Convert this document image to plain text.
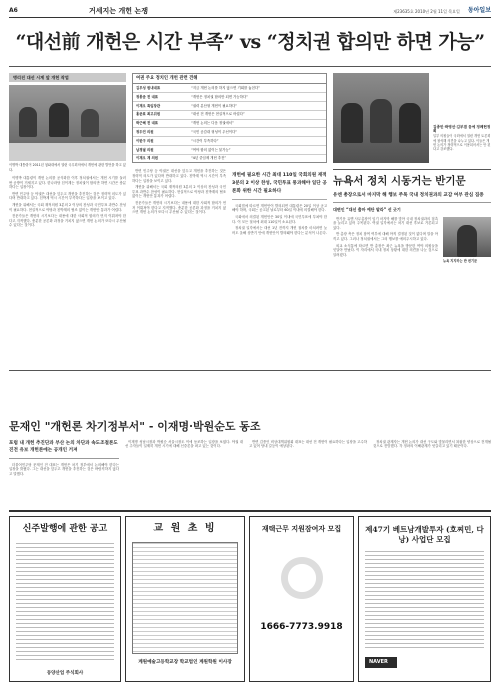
A6	거세지는 개헌 논쟁	제23635호 2010년 2월 11일 목요일 동아일보
“대선前 개헌은 시간 부족” vs “정치권 합의만 하면 가능”
병리진 대선 시계 앞 개헌 작업
이명박 대통령이 2011년 청와대에서 열린 국무회의에서 개헌에 관한 발언을 하고 있다.

이명박 대통령이 개헌 논의를 공식화한 이후 정치권에서는 개헌 시기를 둘러싼 공방이 거세지고 있다. 한나라당 친이계는 정치권이 합의만 하면 시간은 충분하다는 입장이다.

반면 민주당 등 야권은 대선을 앞두고 개헌을 추진하는 것은 정략적 의도가 있다며 반대하고 있다. 친박계 역시 시간이 부족하다는 입장을 보이고 있다.

개헌을 위해서는 국회 재적의원 3분의 2 이상의 찬성과 국민투표 과반수 찬성이 필요하다. 현실적으로 야당과 친박계의 협조 없이는 개헌안 통과가 어렵다.

전문가들은 개헌의 시기보다는 내용에 대한 사회적 합의가 먼저 이뤄져야 한다고 지적했다. 충분한 공론화 과정을 거치지 않으면 개헌 논의가 또다시 무산될 수 있다는 것이다.

여권 주요 정치인 개헌 관련 견해
김무성 원내대표	“지금 개헌 논의를 하지 않으면 기회를 놓친다”
정몽준 전 대표	“개헌은 정치권 합의만 되면 가능하다”
이재오 특임장관	“권력 분산형 개헌이 필요하다”
홍준표 최고위원	“대선 전 개헌은 현실적으로 어렵다”
박근혜 전 대표	“개헌 논의는 다음 정권에서”
정두언 의원	“국민 공감대 형성이 우선이다”
이한구 의원	“시간이 부족하다”
남경필 의원	“여야 합의 없이는 불가능”
이재오 계 의원	“4년 중임제 개헌 추진”

반면 민주당 등 야권은 대선을 앞두고 개헌을 추진하는 것은 정략적 의도가 있다며 반대하고 있다. 친박계 역시 시간이 부족하다는 입장을 보이고 있다.

개헌을 위해서는 국회 재적의원 3분의 2 이상의 찬성과 국민투표 과반수 찬성이 필요하다. 현실적으로 야당과 친박계의 협조 없이는 개헌안 통과가 어렵다.

전문가들은 개헌의 시기보다는 내용에 대한 사회적 합의가 먼저 이뤄져야 한다고 지적했다. 충분한 공론화 과정을 거치지 않으면 개헌 논의가 또다시 무산될 수 있다는 것이다.

개헌에 필요한 시간 최대 110일 국회의원 재적 3분의 2 이상 찬성, 국민투표 통과해야 일단 공론화 위한 시간 필요하다

국회법에 따르면 개헌안이 발의되면 대통령은 20일 이상 공고해야 하며, 국회는 공고된 날로부터 60일 이내에 의결해야 한다.

국회에서 의결된 개헌안은 30일 이내에 국민투표에 부쳐야 한다. 이 모든 절차에 최대 110일이 소요된다.

정치권 일각에서는 대선 1년 전까지 개헌 절차를 마치려면 늦어도 올해 상반기 안에 개헌안이 발의돼야 한다는 분석이 나온다.

김종민·박영선·김부겸 등에 정례헌정회
일부 의원들이 국회에서 열린 개헌 토론회에 참석해 의견을 나누고 있다. 이들은 개헌 논의가 정략적으로 이용되어서는 안 된다고 강조했다.
뉴욕서 정치 시동거는 반기문
유엔 총장으로서 마지막 해 행보 주목 국내 정치권과의 교감 여부 관심 집중
대변인 “대선 출마 예단 말라” 선 긋기

반기문 유엔 사무총장이 임기 마지막 해를 맞아 국내 정치권과의 접촉을 늘리고 있어 주목된다. 여권 일각에서는 차기 대선 후보로 거론되고 있다.

반 총장 측은 정치 참여 여부에 대해 아직 결정된 것이 없다며 말을 아끼고 있다. 그러나 정치권에서는 그의 행보를 예의주시하고 있다.

외교 소식통에 따르면 반 총장은 최근 뉴욕을 방문한 여야 의원들을 잇달아 만났다. 이 자리에서 국내 정치 상황에 대한 의견을 나눈 것으로 알려졌다.

뉴욕 지지하는 반 변기문
문재인 "개헌론 차기정부서" - 이재명·박원순도 동조
포럼 내 개헌 추진단과 부산 논의 차단과 속도조절론도 진전 유보 개헌론에는 공개인 거져

더불어민주당 문재인 전 대표는 개헌은 차기 정부에서 논의해야 한다는 입장을 밝혔다. 그는 대선을 앞두고 개헌을 추진하는 것은 바람직하지 않다고 말했다.

이재명 성남시장과 박원순 서울시장도 이에 동조하는 입장을 보였다. 야권 대선 주자들이 일제히 개헌 시기에 대해 신중론을 펴고 있는 것이다.

반면 김종인 비상대책위원회 대표는 대선 전 개헌이 필요하다는 입장을 고수하고 있어 당내 갈등이 예상된다.

정치권 관계자는 개헌 논의가 대선 구도와 맞물리면서 복잡한 양상으로 전개될 것으로 전망했다. 각 정파의 이해관계가 엇갈리고 있기 때문이다.

신주발행에 관한 공고
동양산업 주식회사
교 원 초 빙
계원예술고등학교장 학교법인 계원학원 이사장
재택근무 지원잠여자 모집
1666-7773.9918
제47기 베트남개발투자 (호찌민, 다낭) 사업단 모집
NAVER
